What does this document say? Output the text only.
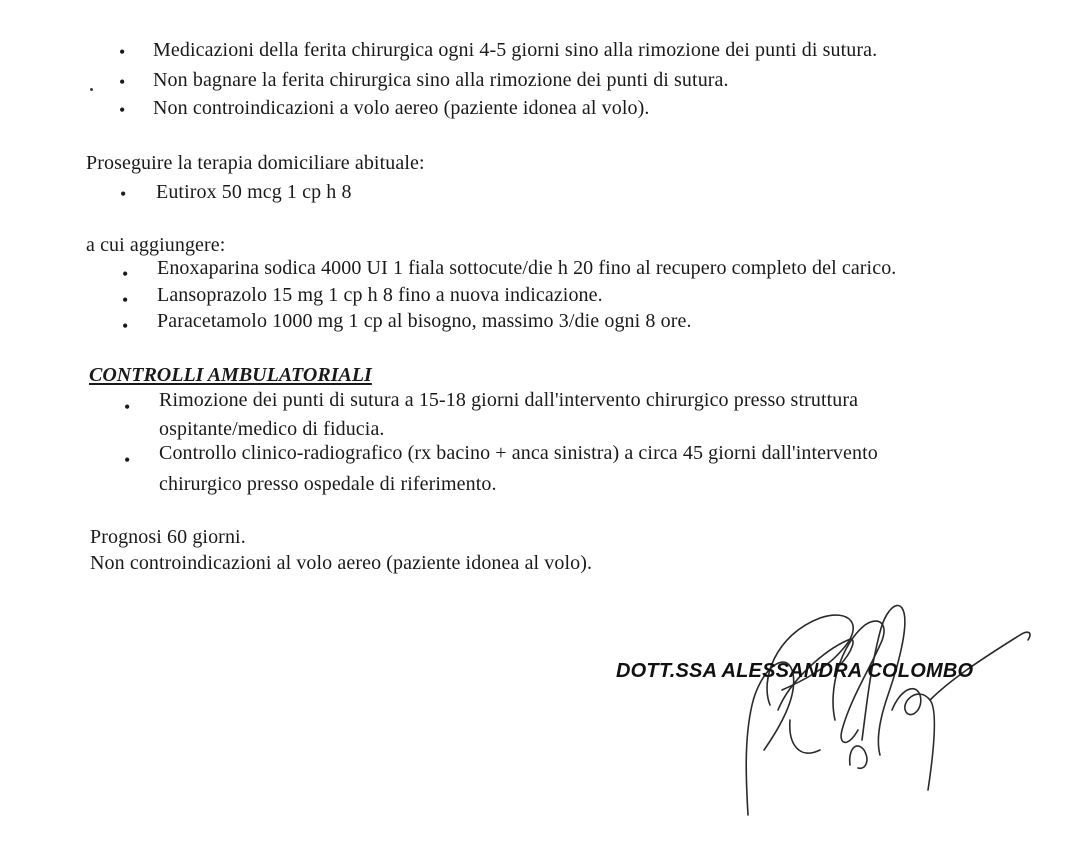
• Medicazioni della ferita chirurgica ogni 4-5 giorni sino alla rimozione dei punti di sutura.
• Non bagnare la ferita chirurgica sino alla rimozione dei punti di sutura.
• Non controindicazioni a volo aereo (paziente idonea al volo).
Proseguire la terapia domiciliare abituale:
• Eutirox 50 mcg 1 cp h 8
a cui aggiungere:
• Enoxaparina sodica 4000 UI 1 fiala sottocute/die h 20 fino al recupero completo del carico.
• Lansoprazolo 15 mg 1 cp h 8 fino a nuova indicazione.
• Paracetamolo 1000 mg 1 cp al bisogno, massimo 3/die ogni 8 ore.
CONTROLLI AMBULATORIALI
• Rimozione dei punti di sutura a 15-18 giorni dall'intervento chirurgico presso struttura
ospitante/medico di fiducia.
• Controllo clinico-radiografico (rx bacino + anca sinistra) a circa 45 giorni dall'intervento
chirurgico presso ospedale di riferimento.
Prognosi 60 giorni.
Non controindicazioni al volo aereo (paziente idonea al volo).
DOTT.SSA ALESSANDRA COLOMBO
